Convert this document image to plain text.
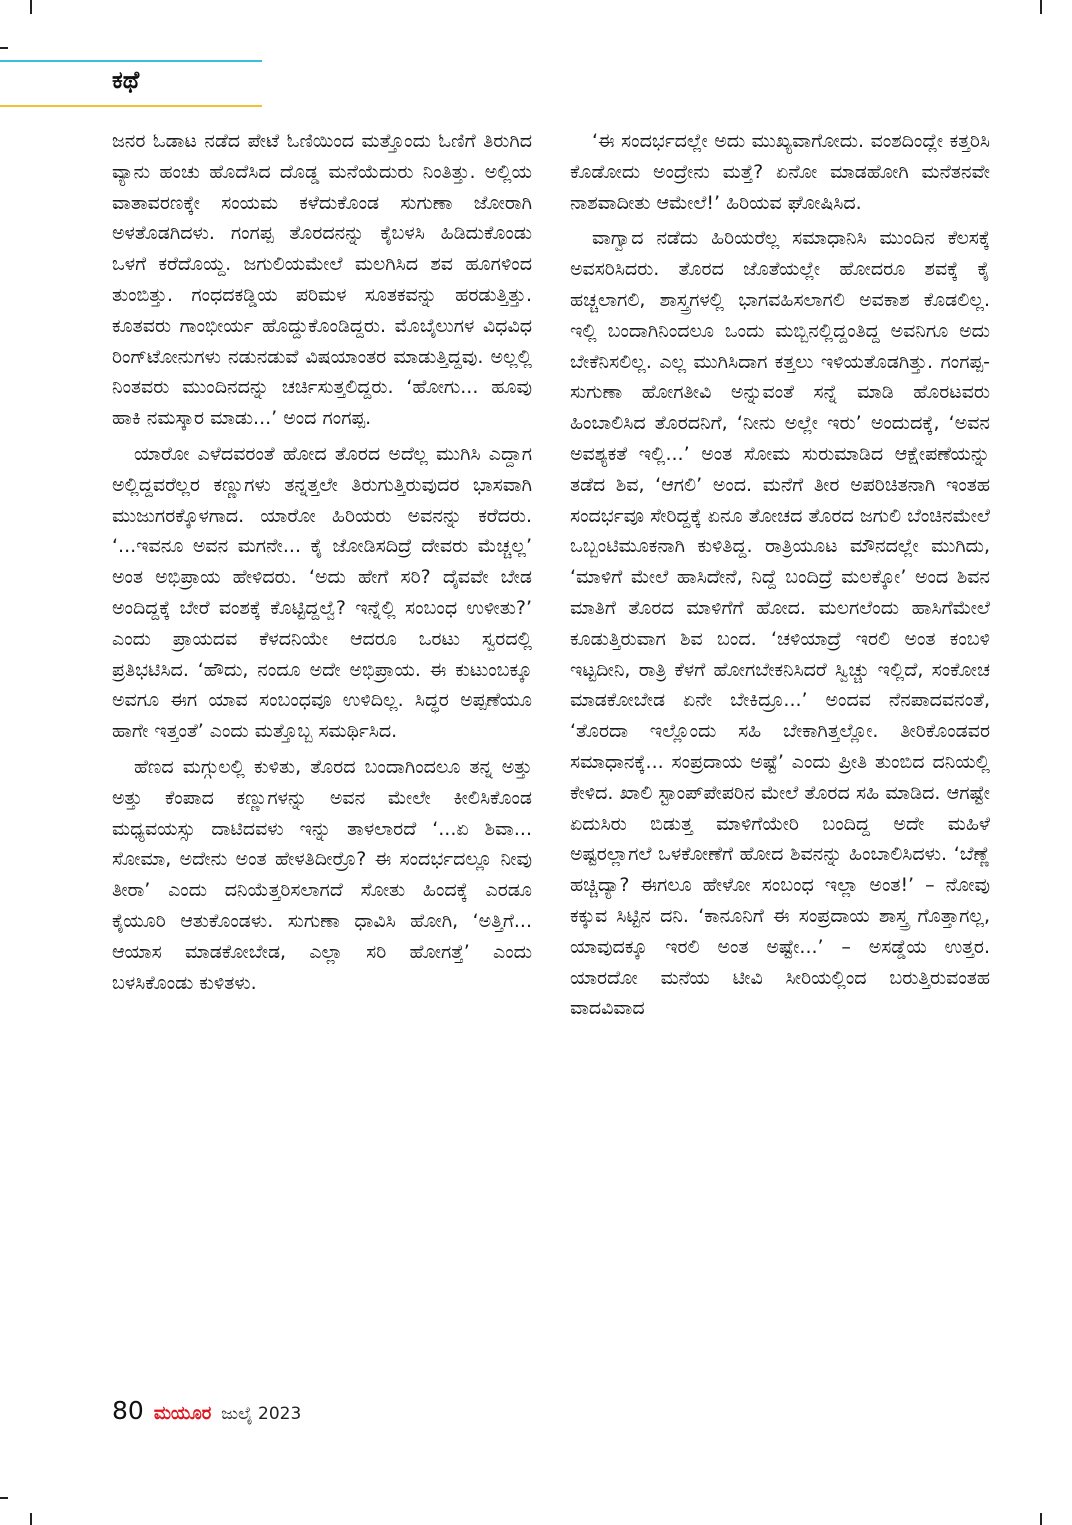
ಕಥೆ

ಜನರ ಓಡಾಟ ನಡೆದ ಪೇಟೆ ಓಣಿಯಿಂದ ಮತ್ತೊಂದು ಓಣಿಗೆ ತಿರುಗಿದ ವ್ಯಾನು ಹಂಚು ಹೊದೆಸಿದ ದೊಡ್ಡ ಮನೆಯೆದುರು ನಿಂತಿತ್ತು. ಅಲ್ಲಿಯ ವಾತಾವರಣಕ್ಕೇ ಸಂಯಮ ಕಳೆದುಕೊಂಡ ಸುಗುಣಾ ಜೋರಾಗಿ ಅಳತೊಡಗಿದಳು. ಗಂಗಪ್ಪ ತೊರದನನ್ನು ಕೈಬಳಸಿ ಹಿಡಿದುಕೊಂಡು ಒಳಗೆ ಕರೆದೊಯ್ದ. ಜಗುಲಿಯಮೇಲೆ ಮಲಗಿಸಿದ ಶವ ಹೂಗಳಿಂದ ತುಂಬಿತ್ತು. ಗಂಧದಕಡ್ಡಿಯ ಪರಿಮಳ ಸೂತಕವನ್ನು ಹರಡುತ್ತಿತ್ತು. ಕೂತವರು ಗಾಂಭೀರ್ಯ ಹೊದ್ದುಕೊಂಡಿದ್ದರು. ಮೊಬೈಲುಗಳ ವಿಧವಿಧ ರಿಂಗ್‌ಟೋನುಗಳು ನಡುನಡುವೆ ವಿಷಯಾಂತರ ಮಾಡುತ್ತಿದ್ದವು. ಅಲ್ಲಲ್ಲಿ ನಿಂತವರು ಮುಂದಿನದನ್ನು ಚರ್ಚಿಸುತ್ತಲಿದ್ದರು. ‘ಹೋಗು... ಹೂವು ಹಾಕಿ ನಮಸ್ಕಾರ ಮಾಡು...’ ಅಂದ ಗಂಗಪ್ಪ.

ಯಾರೋ ಎಳೆದವರಂತೆ ಹೋದ ತೊರದ ಅದೆಲ್ಲ ಮುಗಿಸಿ ಎದ್ದಾಗ ಅಲ್ಲಿದ್ದವರೆಲ್ಲರ ಕಣ್ಣುಗಳು ತನ್ನತ್ತಲೇ ತಿರುಗುತ್ತಿರುವುದರ ಭಾಸವಾಗಿ ಮುಜುಗರಕ್ಕೊಳಗಾದ. ಯಾರೋ ಹಿರಿಯರು ಅವನನ್ನು ಕರೆದರು. ‘...ಇವನೂ ಅವನ ಮಗನೇ... ಕೈ ಜೋಡಿಸದಿದ್ರೆ ದೇವರು ಮೆಚ್ಚಲ್ಲ’ ಅಂತ ಅಭಿಪ್ರಾಯ ಹೇಳಿದರು. ‘ಅದು ಹೇಗೆ ಸರಿ? ದೈವವೇ ಬೇಡ ಅಂದಿದ್ದಕ್ಕೆ ಬೇರೆ ವಂಶಕ್ಕೆ ಕೊಟ್ಟಿದ್ದಲ್ವೆ? ಇನ್ನೆಲ್ಲಿ ಸಂಬಂಧ ಉಳೀತು?’ ಎಂದು ಪ್ರಾಯದವ ಕೆಳದನಿಯೇ ಆದರೂ ಒರಟು ಸ್ವರದಲ್ಲಿ ಪ್ರತಿಭಟಿಸಿದ. ‘ಹೌದು, ನಂದೂ ಅದೇ ಅಭಿಪ್ರಾಯ. ಈ ಕುಟುಂಬಕ್ಕೂ ಅವಗೂ ಈಗ ಯಾವ ಸಂಬಂಧವೂ ಉಳಿದಿಲ್ಲ. ಸಿದ್ಧರ ಅಪ್ಪಣೆಯೂ ಹಾಗೇ ಇತ್ತಂತೆ’ ಎಂದು ಮತ್ತೊಬ್ಬ ಸಮರ್ಥಿಸಿದ.

ಹೆಣದ ಮಗ್ಗುಲಲ್ಲಿ ಕುಳಿತು, ತೊರದ ಬಂದಾಗಿಂದಲೂ ತನ್ನ ಅತ್ತು ಅತ್ತು ಕೆಂಪಾದ ಕಣ್ಣುಗಳನ್ನು ಅವನ ಮೇಲೇ ಕೀಲಿಸಿಕೊಂಡ ಮಧ್ಯವಯಸ್ಸು ದಾಟಿದವಳು ಇನ್ನು ತಾಳಲಾರದೆ ‘...ಏ ಶಿವಾ... ಸೋಮಾ, ಅದೇನು ಅಂತ ಹೇಳತಿದೀರ್‍ರೊ? ಈ ಸಂದರ್ಭದಲ್ಲೂ ನೀವು ತೀರಾ’ ಎಂದು ದನಿಯೆತ್ತರಿಸಲಾಗದೆ ಸೋತು ಹಿಂದಕ್ಕೆ ಎರಡೂ ಕೈಯೂರಿ ಆತುಕೊಂಡಳು. ಸುಗುಣಾ ಧಾವಿಸಿ ಹೋಗಿ, ‘ಅತ್ತಿಗೆ... ಆಯಾಸ ಮಾಡಕೋಬೇಡ, ಎಲ್ಲಾ ಸರಿ ಹೋಗತ್ತೆ’ ಎಂದು ಬಳಸಿಕೊಂಡು ಕುಳಿತಳು.

‘ಈ ಸಂದರ್ಭದಲ್ಲೇ ಅದು ಮುಖ್ಯವಾಗೋದು. ವಂಶದಿಂದ್ಲೇ ಕತ್ತರಿಸಿ ಕೊಡೋದು ಅಂದ್ರೇನು ಮತ್ತೆ? ಏನೋ ಮಾಡಹೋಗಿ ಮನೆತನವೇ ನಾಶವಾದೀತು ಆಮೇಲೆ!’ ಹಿರಿಯವ ಘೋಷಿಸಿದ.

ವಾಗ್ವಾದ ನಡೆದು ಹಿರಿಯರೆಲ್ಲ ಸಮಾಧಾನಿಸಿ ಮುಂದಿನ ಕೆಲಸಕ್ಕೆ ಅವಸರಿಸಿದರು. ತೊರದ ಜೊತೆಯಲ್ಲೇ ಹೋದರೂ ಶವಕ್ಕೆ ಕೈ ಹಚ್ಚಲಾಗಲಿ, ಶಾಸ್ತ್ರಗಳಲ್ಲಿ ಭಾಗವಹಿಸಲಾಗಲಿ ಅವಕಾಶ ಕೊಡಲಿಲ್ಲ. ಇಲ್ಲಿ ಬಂದಾಗಿನಿಂದಲೂ ಒಂದು ಮಬ್ಬಿನಲ್ಲಿದ್ದಂತಿದ್ದ ಅವನಿಗೂ ಅದು ಬೇಕೆನಿಸಲಿಲ್ಲ. ಎಲ್ಲ ಮುಗಿಸಿದಾಗ ಕತ್ತಲು ಇಳಿಯತೊಡಗಿತ್ತು. ಗಂಗಪ್ಪ-ಸುಗುಣಾ ಹೋಗತೀವಿ ಅನ್ನುವಂತೆ ಸನ್ನೆ ಮಾಡಿ ಹೊರಟವರು ಹಿಂಬಾಲಿಸಿದ ತೊರದನಿಗೆ, ‘ನೀನು ಅಲ್ಲೇ ಇರು’ ಅಂದುದಕ್ಕೆ, ‘ಅವನ ಅವಶ್ಯಕತೆ ಇಲ್ಲಿ...’ ಅಂತ ಸೋಮ ಸುರುಮಾಡಿದ ಆಕ್ಷೇಪಣೆಯನ್ನು ತಡೆದ ಶಿವ, ‘ಆಗಲಿ’ ಅಂದ. ಮನೆಗೆ ತೀರ ಅಪರಿಚಿತನಾಗಿ ಇಂತಹ ಸಂದರ್ಭವೂ ಸೇರಿದ್ದಕ್ಕೆ ಏನೂ ತೋಚದ ತೊರದ ಜಗುಲಿ ಬೆಂಚಿನಮೇಲೆ ಒಬ್ಬಂಟಿಮೂಕನಾಗಿ ಕುಳಿತಿದ್ದ. ರಾತ್ರಿಯೂಟ ಮೌನದಲ್ಲೇ ಮುಗಿದು, ‘ಮಾಳಿಗೆ ಮೇಲೆ ಹಾಸಿದೇನೆ, ನಿದ್ದೆ ಬಂದಿದ್ರೆ ಮಲಕ್ಕೋ’ ಅಂದ ಶಿವನ ಮಾತಿಗೆ ತೊರದ ಮಾಳಿಗೆಗೆ ಹೋದ. ಮಲಗಲೆಂದು ಹಾಸಿಗೆಮೇಲೆ ಕೂಡುತ್ತಿರುವಾಗ ಶಿವ ಬಂದ. ‘ಚಳಿಯಾದ್ರೆ ಇರಲಿ ಅಂತ ಕಂಬಳಿ ಇಟ್ಟದೀನಿ, ರಾತ್ರಿ ಕೆಳಗೆ ಹೋಗಬೇಕನಿಸಿದರೆ ಸ್ವಿಚ್ಚು ಇಲ್ಲಿದೆ, ಸಂಕೋಚ ಮಾಡಕೋಬೇಡ ಏನೇ ಬೇಕಿದ್ರೂ...’ ಅಂದವ ನೆನಪಾದವನಂತೆ, ‘ತೊರದಾ ಇಲ್ಲೊಂದು ಸಹಿ ಬೇಕಾಗಿತ್ತಲ್ಲೋ. ತೀರಿಕೊಂಡವರ ಸಮಾಧಾನಕ್ಕೆ... ಸಂಪ್ರದಾಯ ಅಷ್ಟೆ’ ಎಂದು ಪ್ರೀತಿ ತುಂಬಿದ ದನಿಯಲ್ಲಿ ಕೇಳಿದ. ಖಾಲಿ ಸ್ಟಾಂಪ್‌ಪೇಪರಿನ ಮೇಲೆ ತೊರದ ಸಹಿ ಮಾಡಿದ. ಆಗಷ್ಟೇ ಏದುಸಿರು ಬಿಡುತ್ತ ಮಾಳಿಗೆಯೇರಿ ಬಂದಿದ್ದ ಅದೇ ಮಹಿಳೆ ಅಷ್ಟರಲ್ಲಾಗಲೆ ಒಳಕೋಣೆಗೆ ಹೋದ ಶಿವನನ್ನು ಹಿಂಬಾಲಿಸಿದಳು. ‘ಬೆಣ್ಣೆ ಹಚ್ಚಿದ್ಯಾ? ಈಗಲೂ ಹೇಳೋ ಸಂಬಂಧ ಇಲ್ಲಾ ಅಂತ!’ – ನೋವು ಕಕ್ಕುವ ಸಿಟ್ಟಿನ ದನಿ. ‘ಕಾನೂನಿಗೆ ಈ ಸಂಪ್ರದಾಯ ಶಾಸ್ತ್ರ ಗೊತ್ತಾಗಲ್ಲ, ಯಾವುದಕ್ಕೂ ಇರಲಿ ಅಂತ ಅಷ್ಟೇ...’ – ಅಸಡ್ಡೆಯ ಉತ್ತರ. ಯಾರದೋ ಮನೆಯ ಟೀವಿ ಸೀರಿಯಲ್ಲಿಂದ ಬರುತ್ತಿರುವಂತಹ ವಾದವಿವಾದ

80 ಮಯೂರ ಜುಲೈ 2023
